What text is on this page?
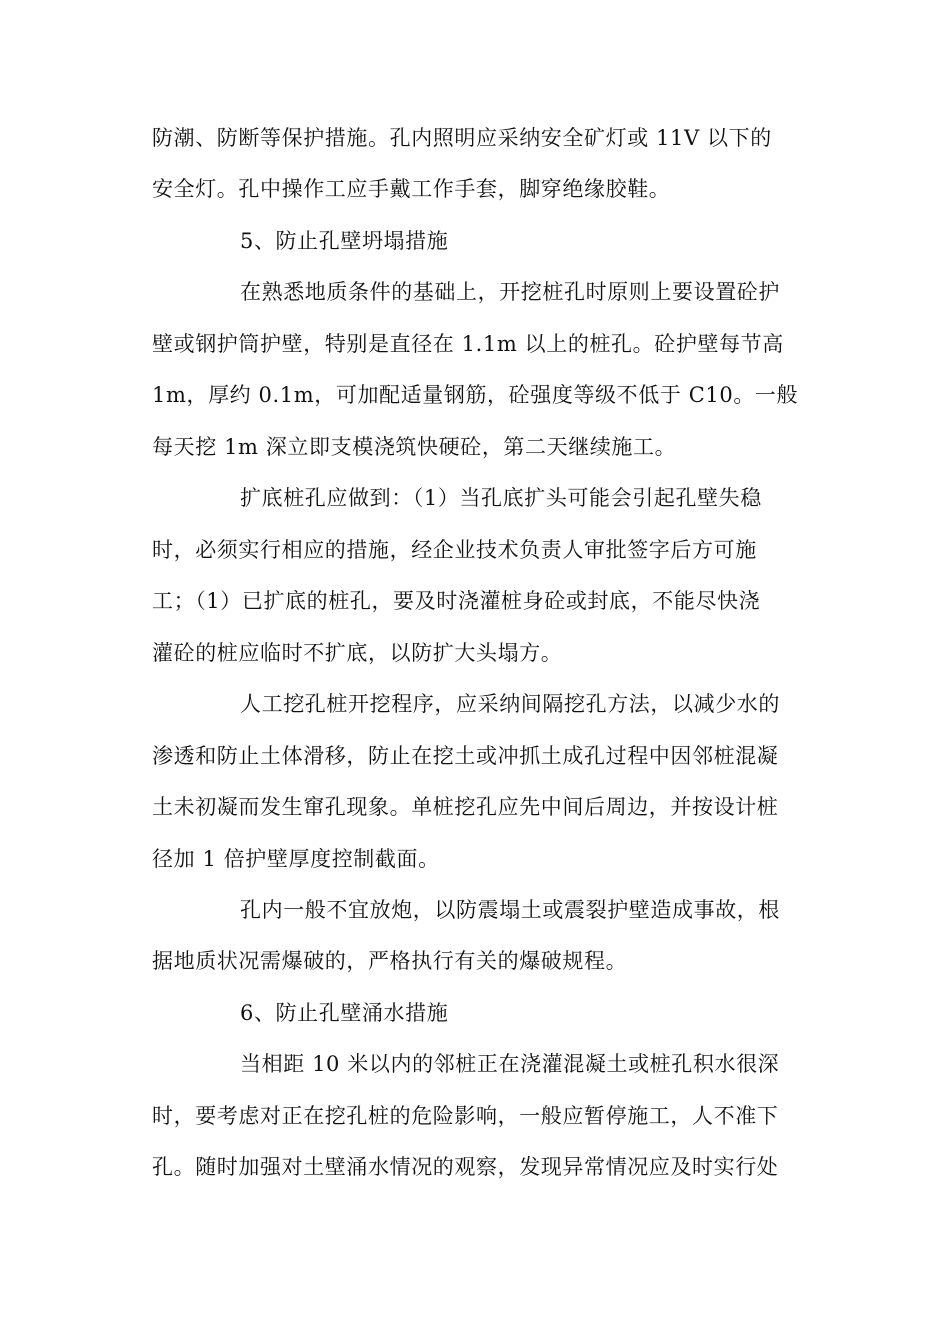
防潮、防断等保护措施。孔内照明应采纳安全矿灯或 11V 以下的
安全灯。孔中操作工应手戴工作手套，脚穿绝缘胶鞋。
5、防止孔壁坍塌措施
在熟悉地质条件的基础上，开挖桩孔时原则上要设置砼护
壁或钢护筒护壁，特别是直径在 1.1m 以上的桩孔。砼护壁每节高
1m，厚约 0.1m，可加配适量钢筋，砼强度等级不低于 C10。一般
每天挖 1m 深立即支模浇筑快硬砼，第二天继续施工。
扩底桩孔应做到：（1）当孔底扩头可能会引起孔壁失稳
时，必须实行相应的措施，经企业技术负责人审批签字后方可施
工；（1）已扩底的桩孔，要及时浇灌桩身砼或封底，不能尽快浇
灌砼的桩应临时不扩底，以防扩大头塌方。
人工挖孔桩开挖程序，应采纳间隔挖孔方法，以减少水的
渗透和防止土体滑移，防止在挖土或冲抓土成孔过程中因邻桩混凝
土未初凝而发生窜孔现象。单桩挖孔应先中间后周边，并按设计桩
径加 1 倍护壁厚度控制截面。
孔内一般不宜放炮，以防震塌土或震裂护壁造成事故，根
据地质状况需爆破的，严格执行有关的爆破规程。
6、防止孔壁涌水措施
当相距 10 米以内的邻桩正在浇灌混凝土或桩孔积水很深
时，要考虑对正在挖孔桩的危险影响，一般应暂停施工，人不准下
孔。随时加强对土壁涌水情况的观察，发现异常情况应及时实行处
